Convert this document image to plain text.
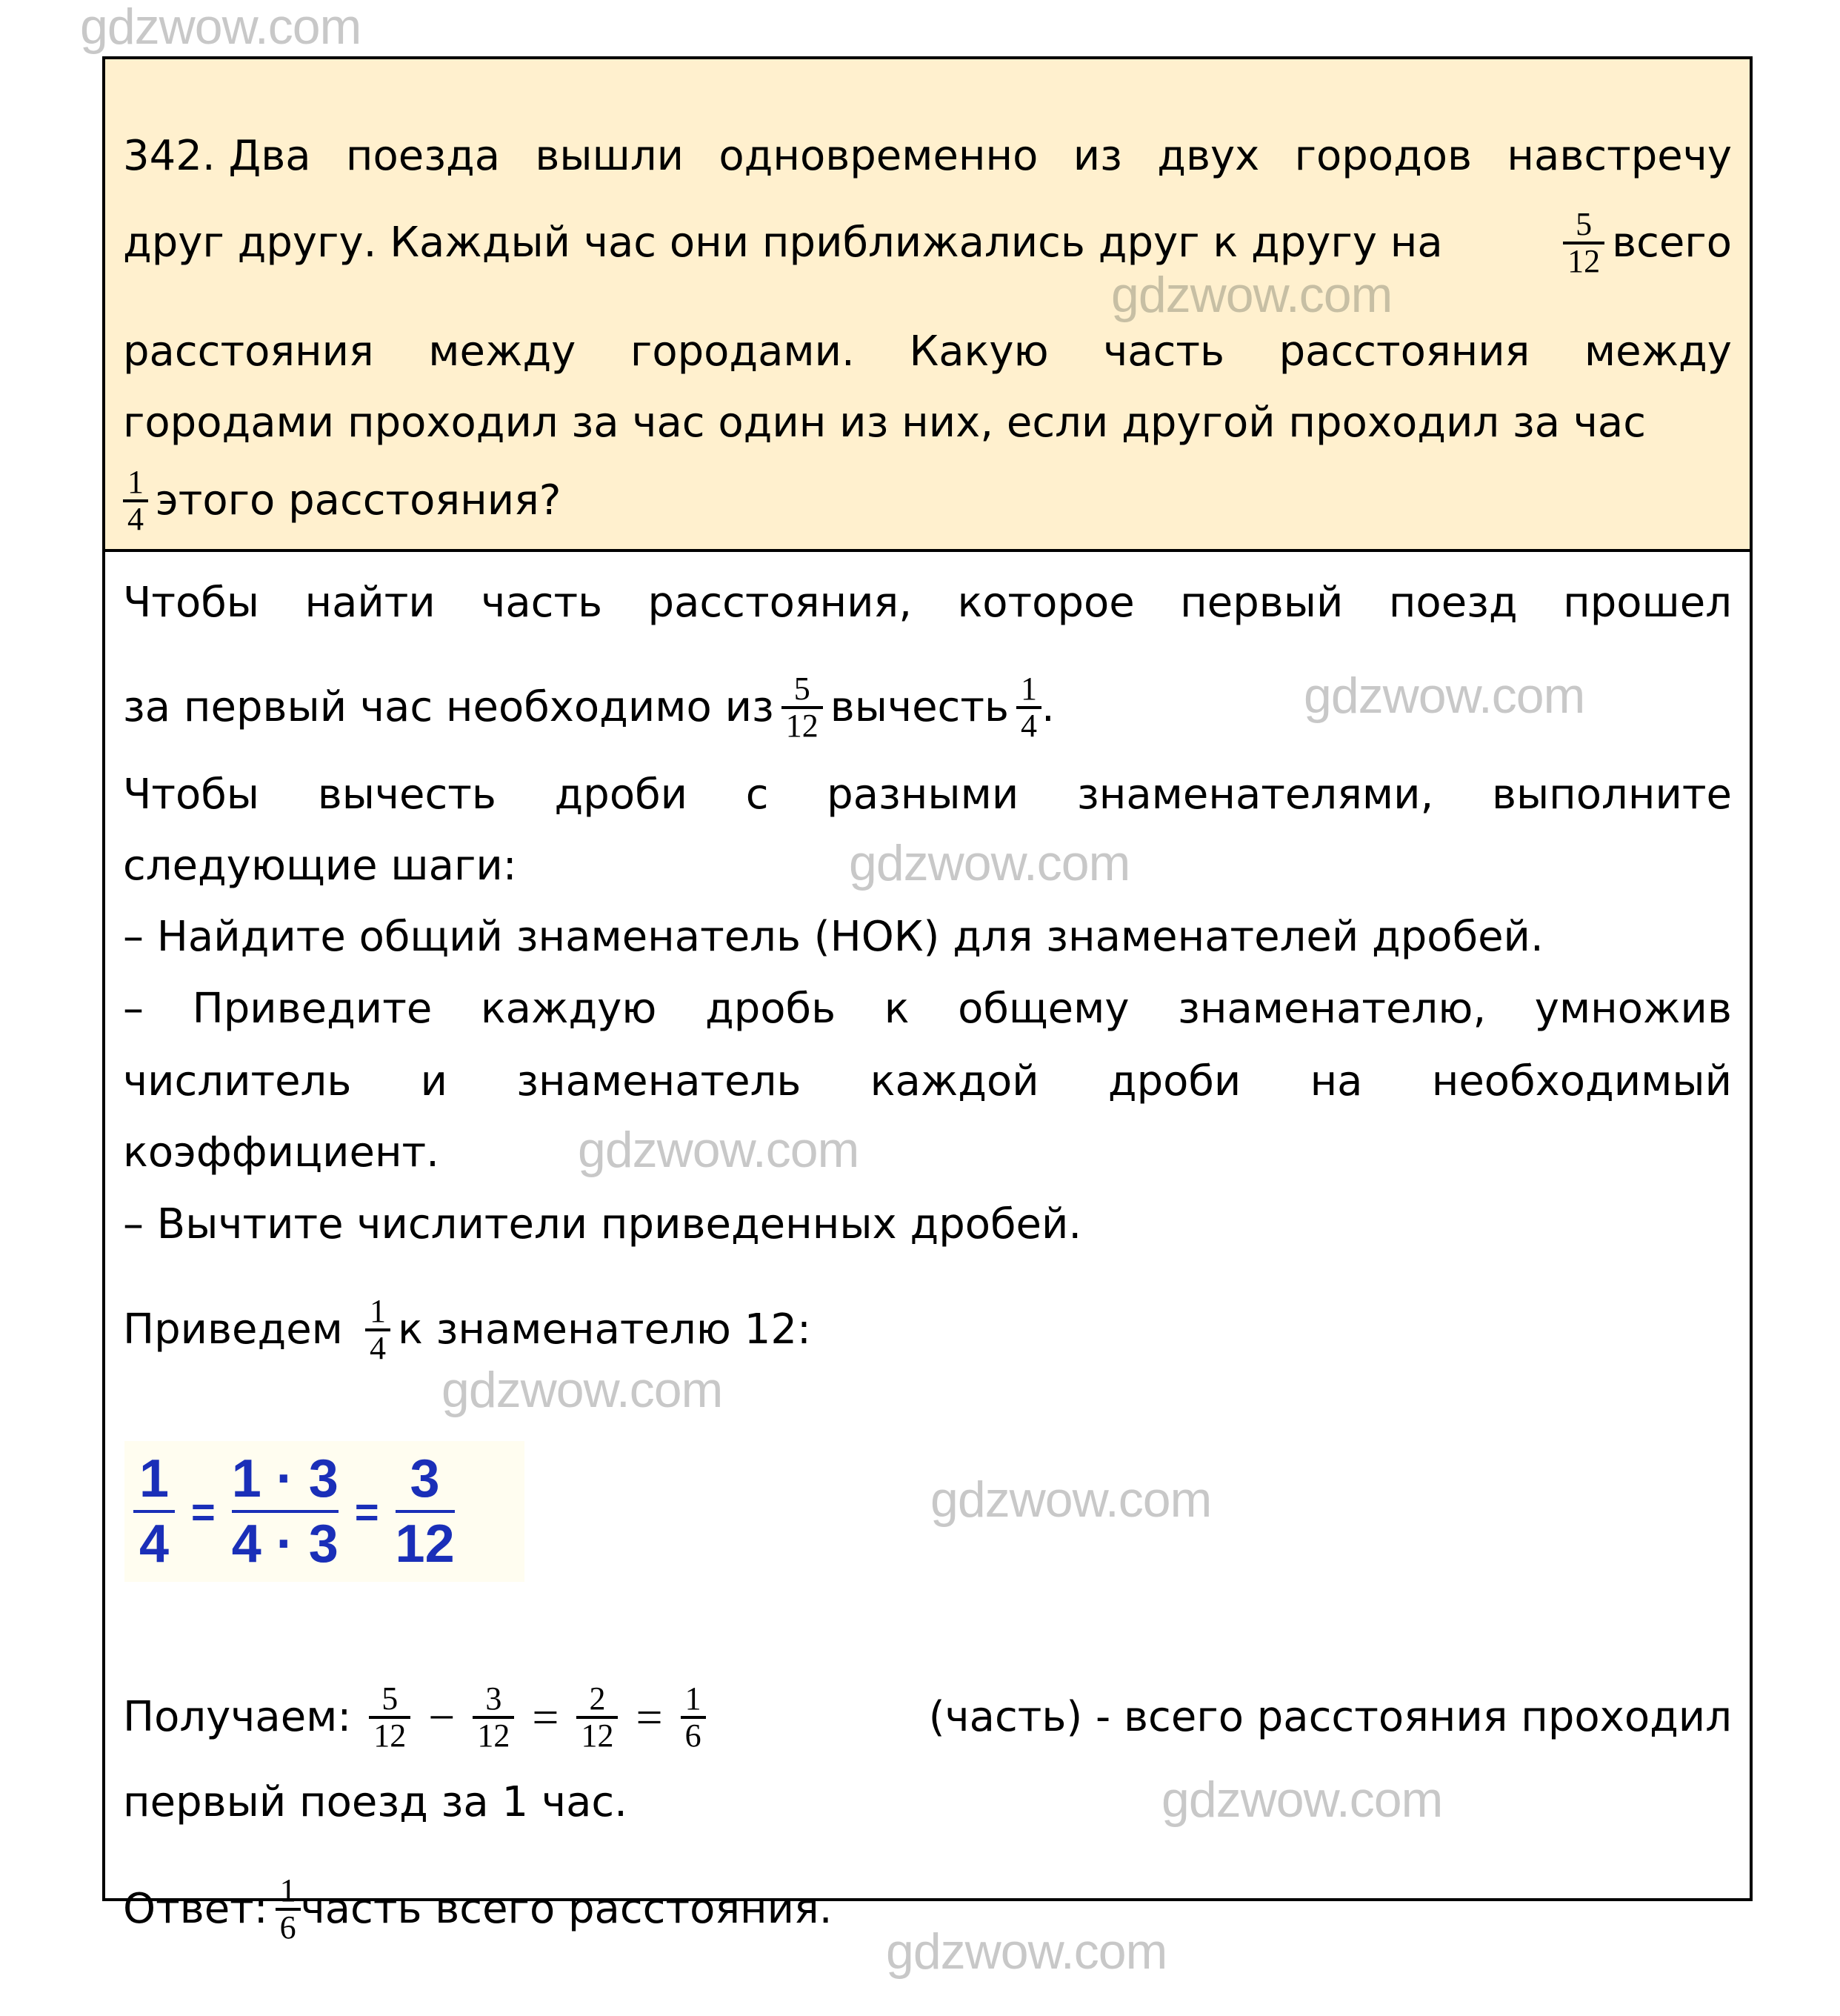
gdzwow.com
gdzwow.com
gdzwow.com
gdzwow.com
gdzwow.com
gdzwow.com
gdzwow.com
gdzwow.com
gdzwow.com
342. Два поезда вышли одновременно из двух городов навстречу
друг другу. Каждый час они приближались друг к другу на	$\frac{5}{12}$ всего
расстояния между городами. Какую часть расстояния между
городами проходил за час один из них, если другой проходил за час
$\frac{1}{4}$ этого расстояния?
Чтобы найти часть расстояния, которое первый поезд прошел
за первый час необходимо из $\frac{5}{12}$ вычесть $\frac{1}{4}$ .
Чтобы вычесть дроби с разными знаменателями, выполните
следующие шаги:
– Найдите общий знаменатель (НОК) для знаменателей дробей.
– Приведите каждую дробь к общему знаменателю, умножив
числитель и знаменатель каждой дроби на необходимый
коэффициент.
– Вычтите числители приведенных дробей.
Приведем $\frac{1}{4}$ к знаменателю 12:
$\frac{1}{4} = \frac{1 \cdot 3}{4 \cdot 3} = \frac{3}{12}$
Получаем: $\frac{5}{12} - \frac{3}{12} = \frac{2}{12} = \frac{1}{6}$	(часть) - всего расстояния проходил
первый поезд за 1 час.
Ответ: $\frac{1}{6}$ часть всего расстояния.
